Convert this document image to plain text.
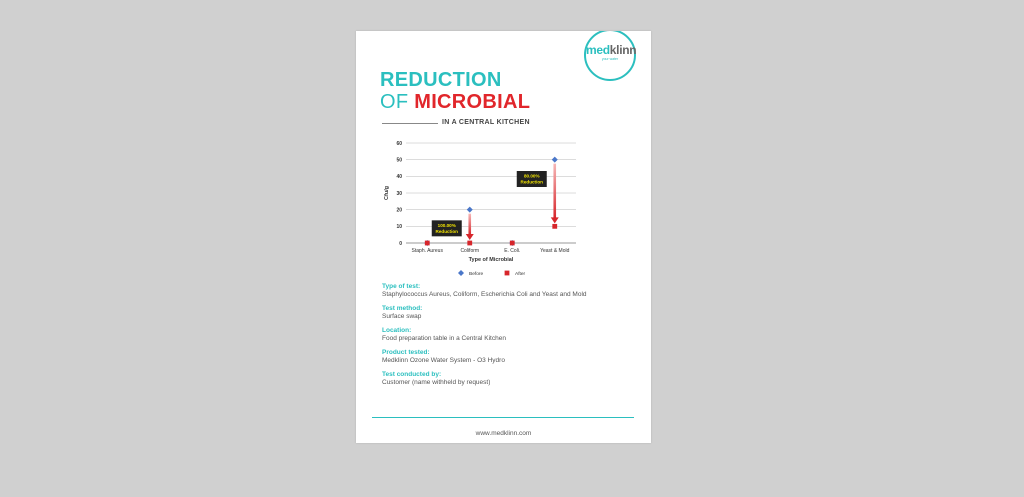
medklinn
your water
REDUCTION
OF MICROBIAL
IN A CENTRAL KITCHEN
0
10
20
30
40
50
60
Cfu/g
Staph. Aureus	Coliform	E. Coli.	Yeast & Mold
Type of Microbial
100.00%
Reduction
80.00%
Reduction
Before	After
Type of test:
Staphylococcus Aureus, Coliform, Escherichia Coli and Yeast and Mold
Test method:
Surface swap
Location:
Food preparation table in a Central Kitchen
Product tested:
Medklinn Ozone Water System - O3 Hydro
Test conducted by:
Customer (name withheld by request)
www.medklinn.com
